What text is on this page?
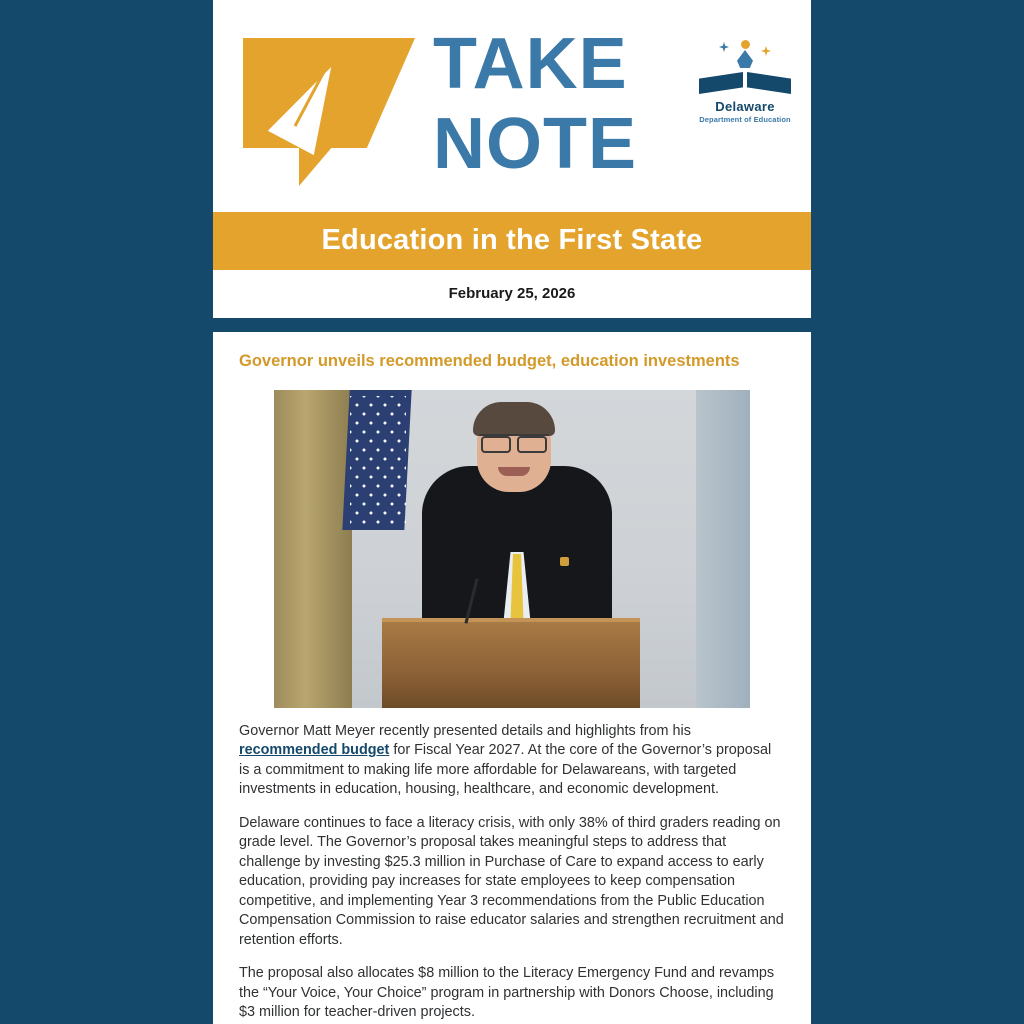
TAKE
NOTE	Delaware
Department of Education
Education in the First State
February 25, 2026
Governor unveils recommended budget, education investments

Governor Matt Meyer recently presented details and highlights from his recommended budget for Fiscal Year 2027. At the core of the Governor’s proposal is a commitment to making life more affordable for Delawareans, with targeted investments in education, housing, healthcare, and economic development.

Delaware continues to face a literacy crisis, with only 38% of third graders reading on grade level. The Governor’s proposal takes meaningful steps to address that challenge by investing $25.3 million in Purchase of Care to expand access to early education, providing pay increases for state employees to keep compensation competitive, and implementing Year 3 recommendations from the Public Education Compensation Commission to raise educator salaries and strengthen recruitment and retention efforts.

The proposal also allocates $8 million to the Literacy Emergency Fund and revamps the “Your Voice, Your Choice” program in partnership with Donors Choose, including $3 million for teacher-driven projects.
